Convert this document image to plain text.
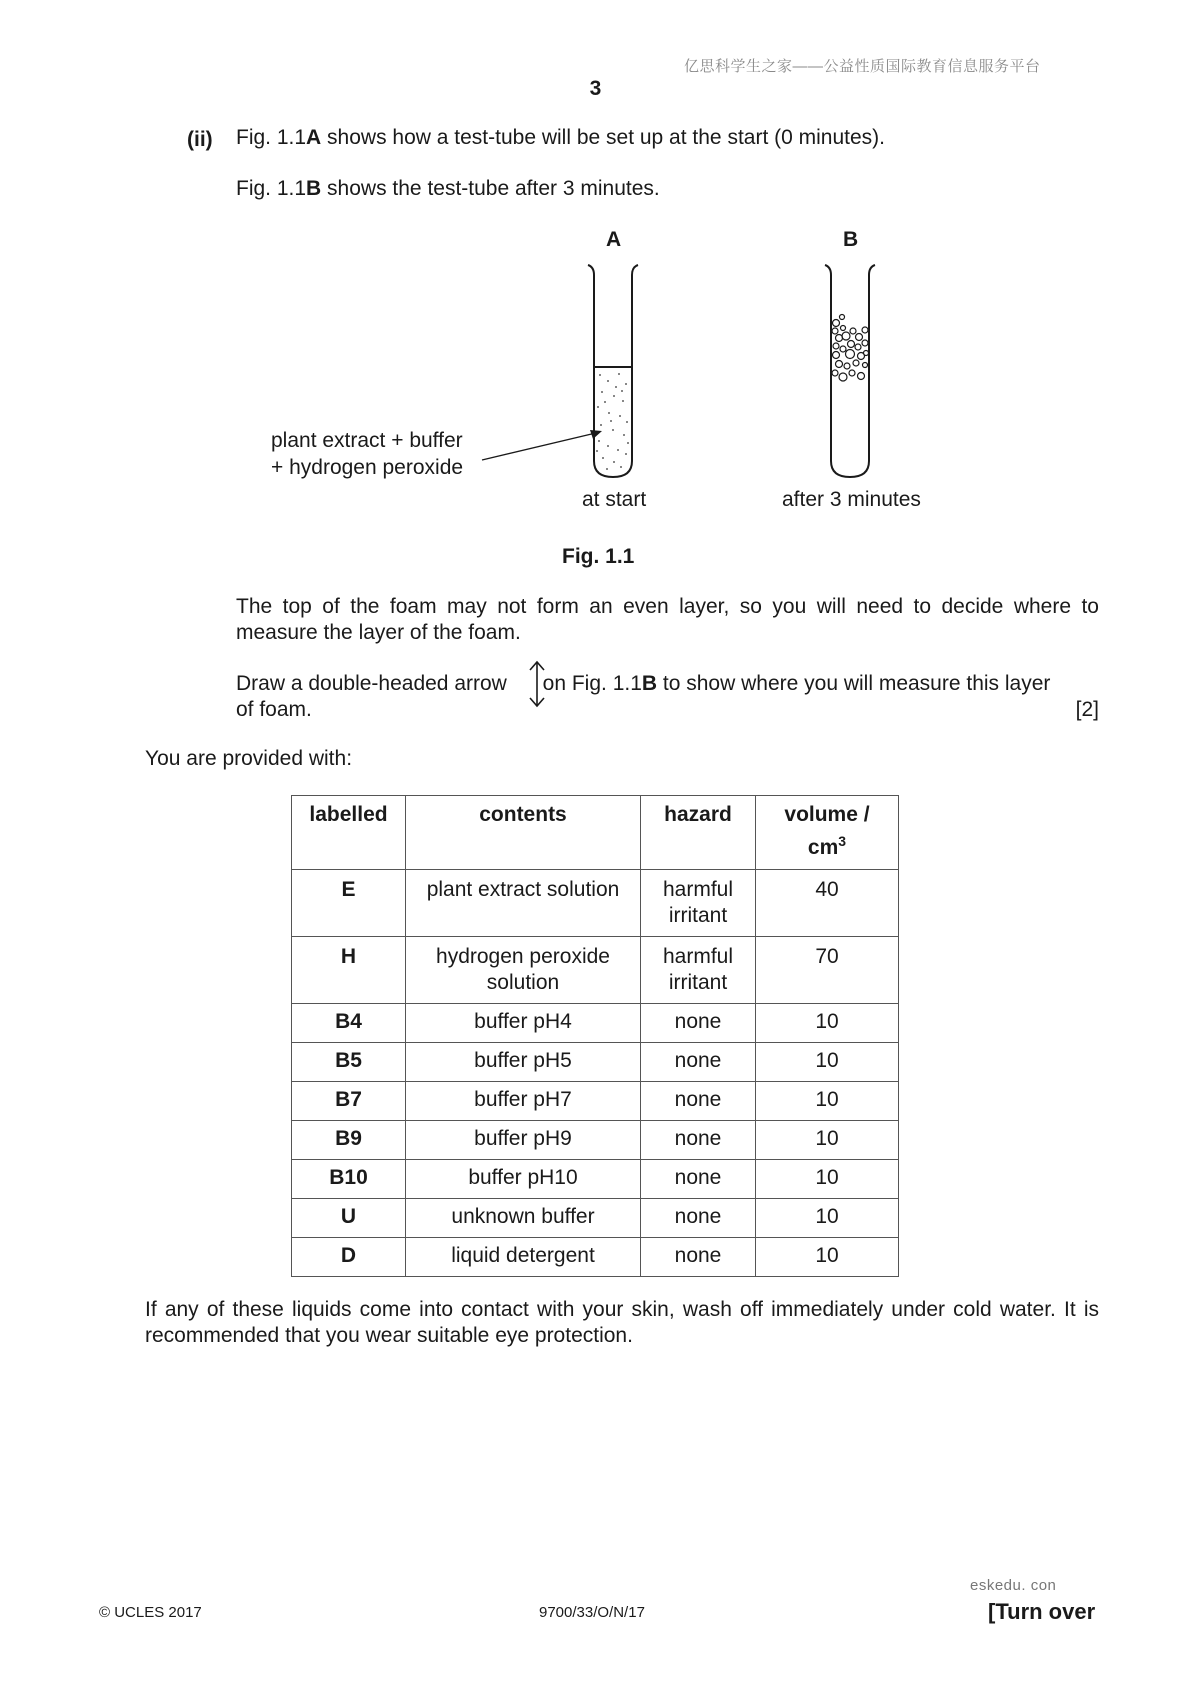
亿思科学生之家——公益性质国际教育信息服务平台
3
(ii) Fig. 1.1A shows how a test-tube will be set up at the start (0 minutes).
Fig. 1.1B shows the test-tube after 3 minutes.
A	B
plant extract + buffer
+ hydrogen peroxide
at start	after 3 minutes
Fig. 1.1
The top of the foam may not form an even layer, so you will need to decide where to measure the layer of the foam.
Draw a double-headed arrow on Fig. 1.1B to show where you will measure this layer
of foam.	[2]
You are provided with:
labelled	contents	hazard	volume / $cm^3$
E	plant extract solution	harmful irritant	40
H	hydrogen peroxide solution	harmful irritant	70
B4	buffer pH4	none	10
B5	buffer pH5	none	10
B7	buffer pH7	none	10
B9	buffer pH9	none	10
B10	buffer pH10	none	10
U	unknown buffer	none	10
D	liquid detergent	none	10
If any of these liquids come into contact with your skin, wash off immediately under cold water. It is recommended that you wear suitable eye protection.
eskedu. con
© UCLES 2017	9700/33/O/N/17	[Turn over
